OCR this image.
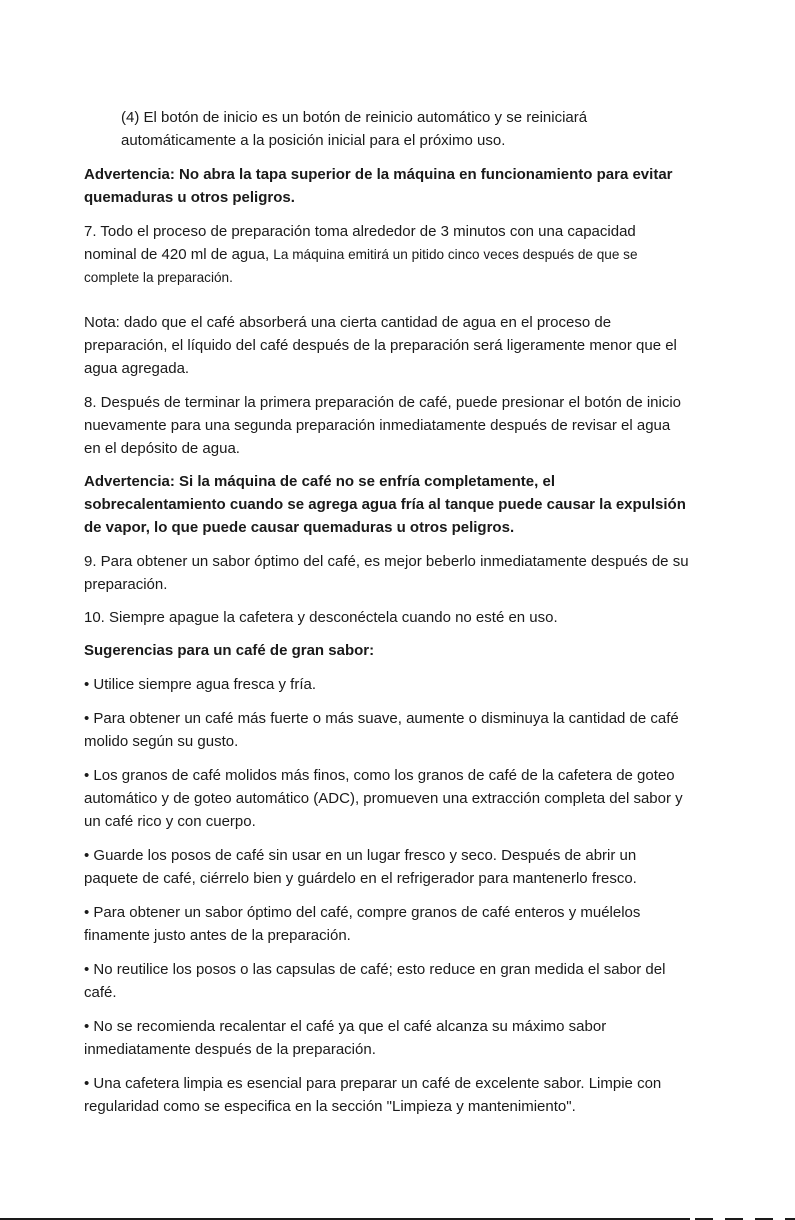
(4) El botón de inicio es un botón de reinicio automático y se reiniciará
automáticamente a la posición inicial para el próximo uso.

Advertencia: No abra la tapa superior de la máquina en funcionamiento para evitar quemaduras u otros peligros.

7. Todo el proceso de preparación toma alrededor de 3 minutos con una capacidad nominal de 420 ml de agua, La máquina emitirá un pitido cinco veces después de que se complete la preparación.

Nota: dado que el café absorberá una cierta cantidad de agua en el proceso de preparación, el líquido del café después de la preparación será ligeramente menor que el agua agregada.

8. Después de terminar la primera preparación de café, puede presionar el botón de inicio nuevamente para una segunda preparación inmediatamente después de revisar el agua en el depósito de agua.

Advertencia: Si la máquina de café no se enfría completamente, el sobrecalentamiento cuando se agrega agua fría al tanque puede causar la expulsión de vapor, lo que puede causar quemaduras u otros peligros.

9. Para obtener un sabor óptimo del café, es mejor beberlo inmediatamente después de su preparación.

10. Siempre apague la cafetera y desconéctela cuando no esté en uso.

Sugerencias para un café de gran sabor:

• Utilice siempre agua fresca y fría.

• Para obtener un café más fuerte o más suave, aumente o disminuya la cantidad de café molido según su gusto.

• Los granos de café molidos más finos, como los granos de café de la cafetera de goteo automático y de goteo automático (ADC), promueven una extracción completa del sabor y un café rico y con cuerpo.

• Guarde los posos de café sin usar en un lugar fresco y seco. Después de abrir un paquete de café, ciérrelo bien y guárdelo en el refrigerador para mantenerlo fresco.

• Para obtener un sabor óptimo del café, compre granos de café enteros y muélelos finamente justo antes de la preparación.

• No reutilice los posos o las capsulas de café; esto reduce en gran medida el sabor del café.

• No se recomienda recalentar el café ya que el café alcanza su máximo sabor inmediatamente después de la preparación.

• Una cafetera limpia es esencial para preparar un café de excelente sabor. Limpie con regularidad como se especifica en la sección "Limpieza y mantenimiento".
